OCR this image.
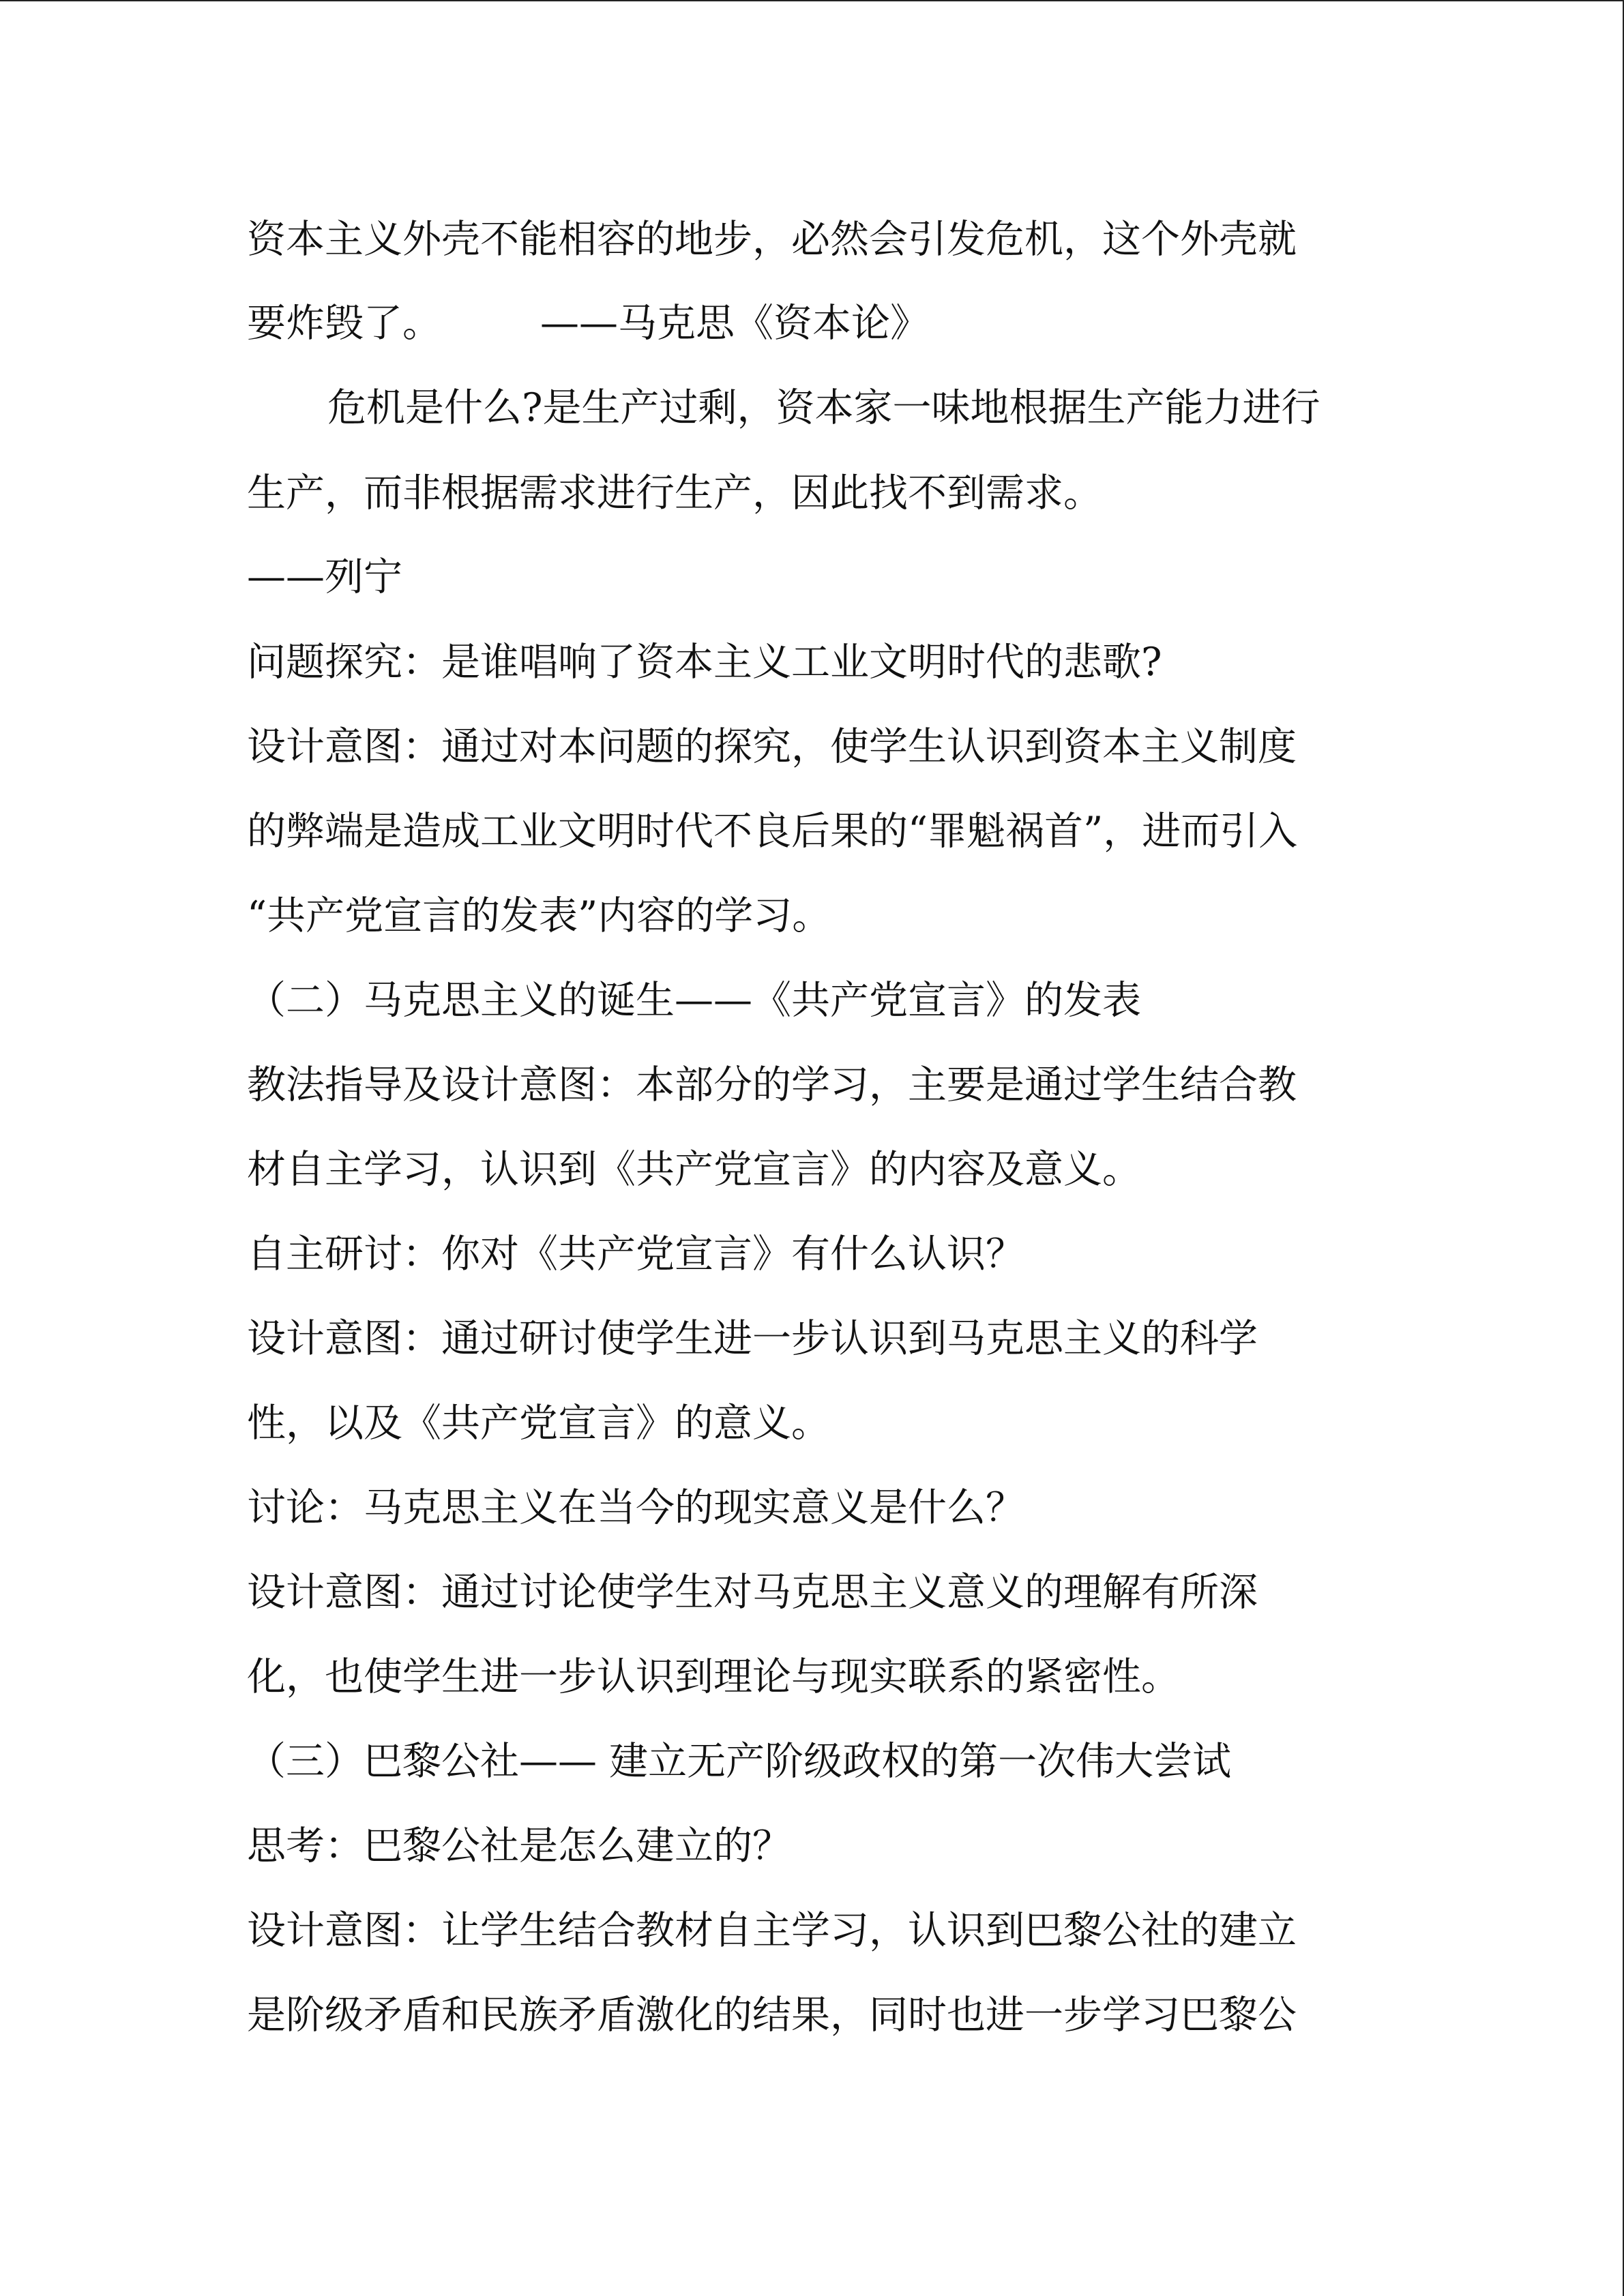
资本主义外壳不能相容的地步，必然会引发危机，这个外壳就
要炸毁了。        ——马克思《资本论》
危机是什么?是生产过剩，资本家一味地根据生产能力进行
生产，而非根据需求进行生产，因此找不到需求。
——列宁
问题探究：是谁唱响了资本主义工业文明时代的悲歌?
设计意图：通过对本问题的探究，使学生认识到资本主义制度
的弊端是造成工业文明时代不良后果的“罪魁祸首”，进而引入
“共产党宣言的发表”内容的学习。
（二）马克思主义的诞生——《共产党宣言》的发表
教法指导及设计意图：本部分的学习，主要是通过学生结合教
材自主学习，认识到《共产党宣言》的内容及意义。
自主研讨：你对《共产党宣言》有什么认识？
设计意图：通过研讨使学生进一步认识到马克思主义的科学
性，以及《共产党宣言》的意义。
讨论：马克思主义在当今的现实意义是什么？
设计意图：通过讨论使学生对马克思主义意义的理解有所深
化，也使学生进一步认识到理论与现实联系的紧密性。
（三）巴黎公社—— 建立无产阶级政权的第一次伟大尝试
思考：巴黎公社是怎么建立的？
设计意图：让学生结合教材自主学习，认识到巴黎公社的建立
是阶级矛盾和民族矛盾激化的结果，同时也进一步学习巴黎公
